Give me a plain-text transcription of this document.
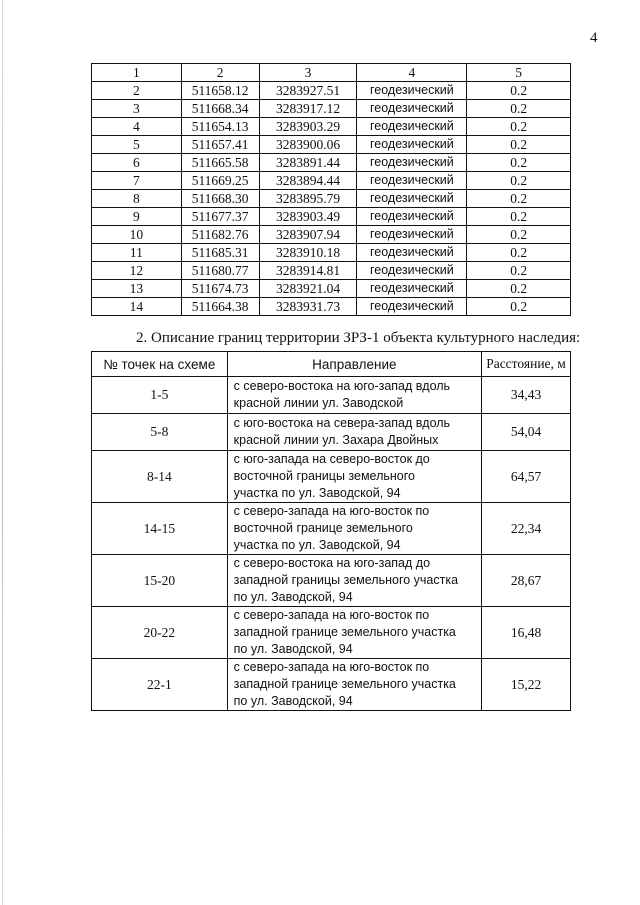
4
1	2	3	4	5
2	511658.12	3283927.51	геодезический	0.2
3	511668.34	3283917.12	геодезический	0.2
4	511654.13	3283903.29	геодезический	0.2
5	511657.41	3283900.06	геодезический	0.2
6	511665.58	3283891.44	геодезический	0.2
7	511669.25	3283894.44	геодезический	0.2
8	511668.30	3283895.79	геодезический	0.2
9	511677.37	3283903.49	геодезический	0.2
10	511682.76	3283907.94	геодезический	0.2
11	511685.31	3283910.18	геодезический	0.2
12	511680.77	3283914.81	геодезический	0.2
13	511674.73	3283921.04	геодезический	0.2
14	511664.38	3283931.73	геодезический	0.2
2. Описание границ территории ЗРЗ-1 объекта культурного наследия:
№ точек на схеме	Направление	Расстояние, м
1-5	с северо-востока на юго-запад вдоль
красной линии ул. Заводской	34,43
5-8	с юго-востока на севера-запад вдоль
красной линии ул. Захара Двойных	54,04
8-14	с юго-запада на северо-восток до
восточной границы земельного
участка по ул. Заводской, 94	64,57
14-15	с северо-запада на юго-восток по
восточной границе земельного
участка по ул. Заводской, 94	22,34
15-20	с северо-востока на юго-запад до
западной границы земельного участка
по ул. Заводской, 94	28,67
20-22	с северо-запада на юго-восток по
западной границе земельного участка
по ул. Заводской, 94	16,48
22-1	с северо-запада на юго-восток по
западной границе земельного участка
по ул. Заводской, 94	15,22
